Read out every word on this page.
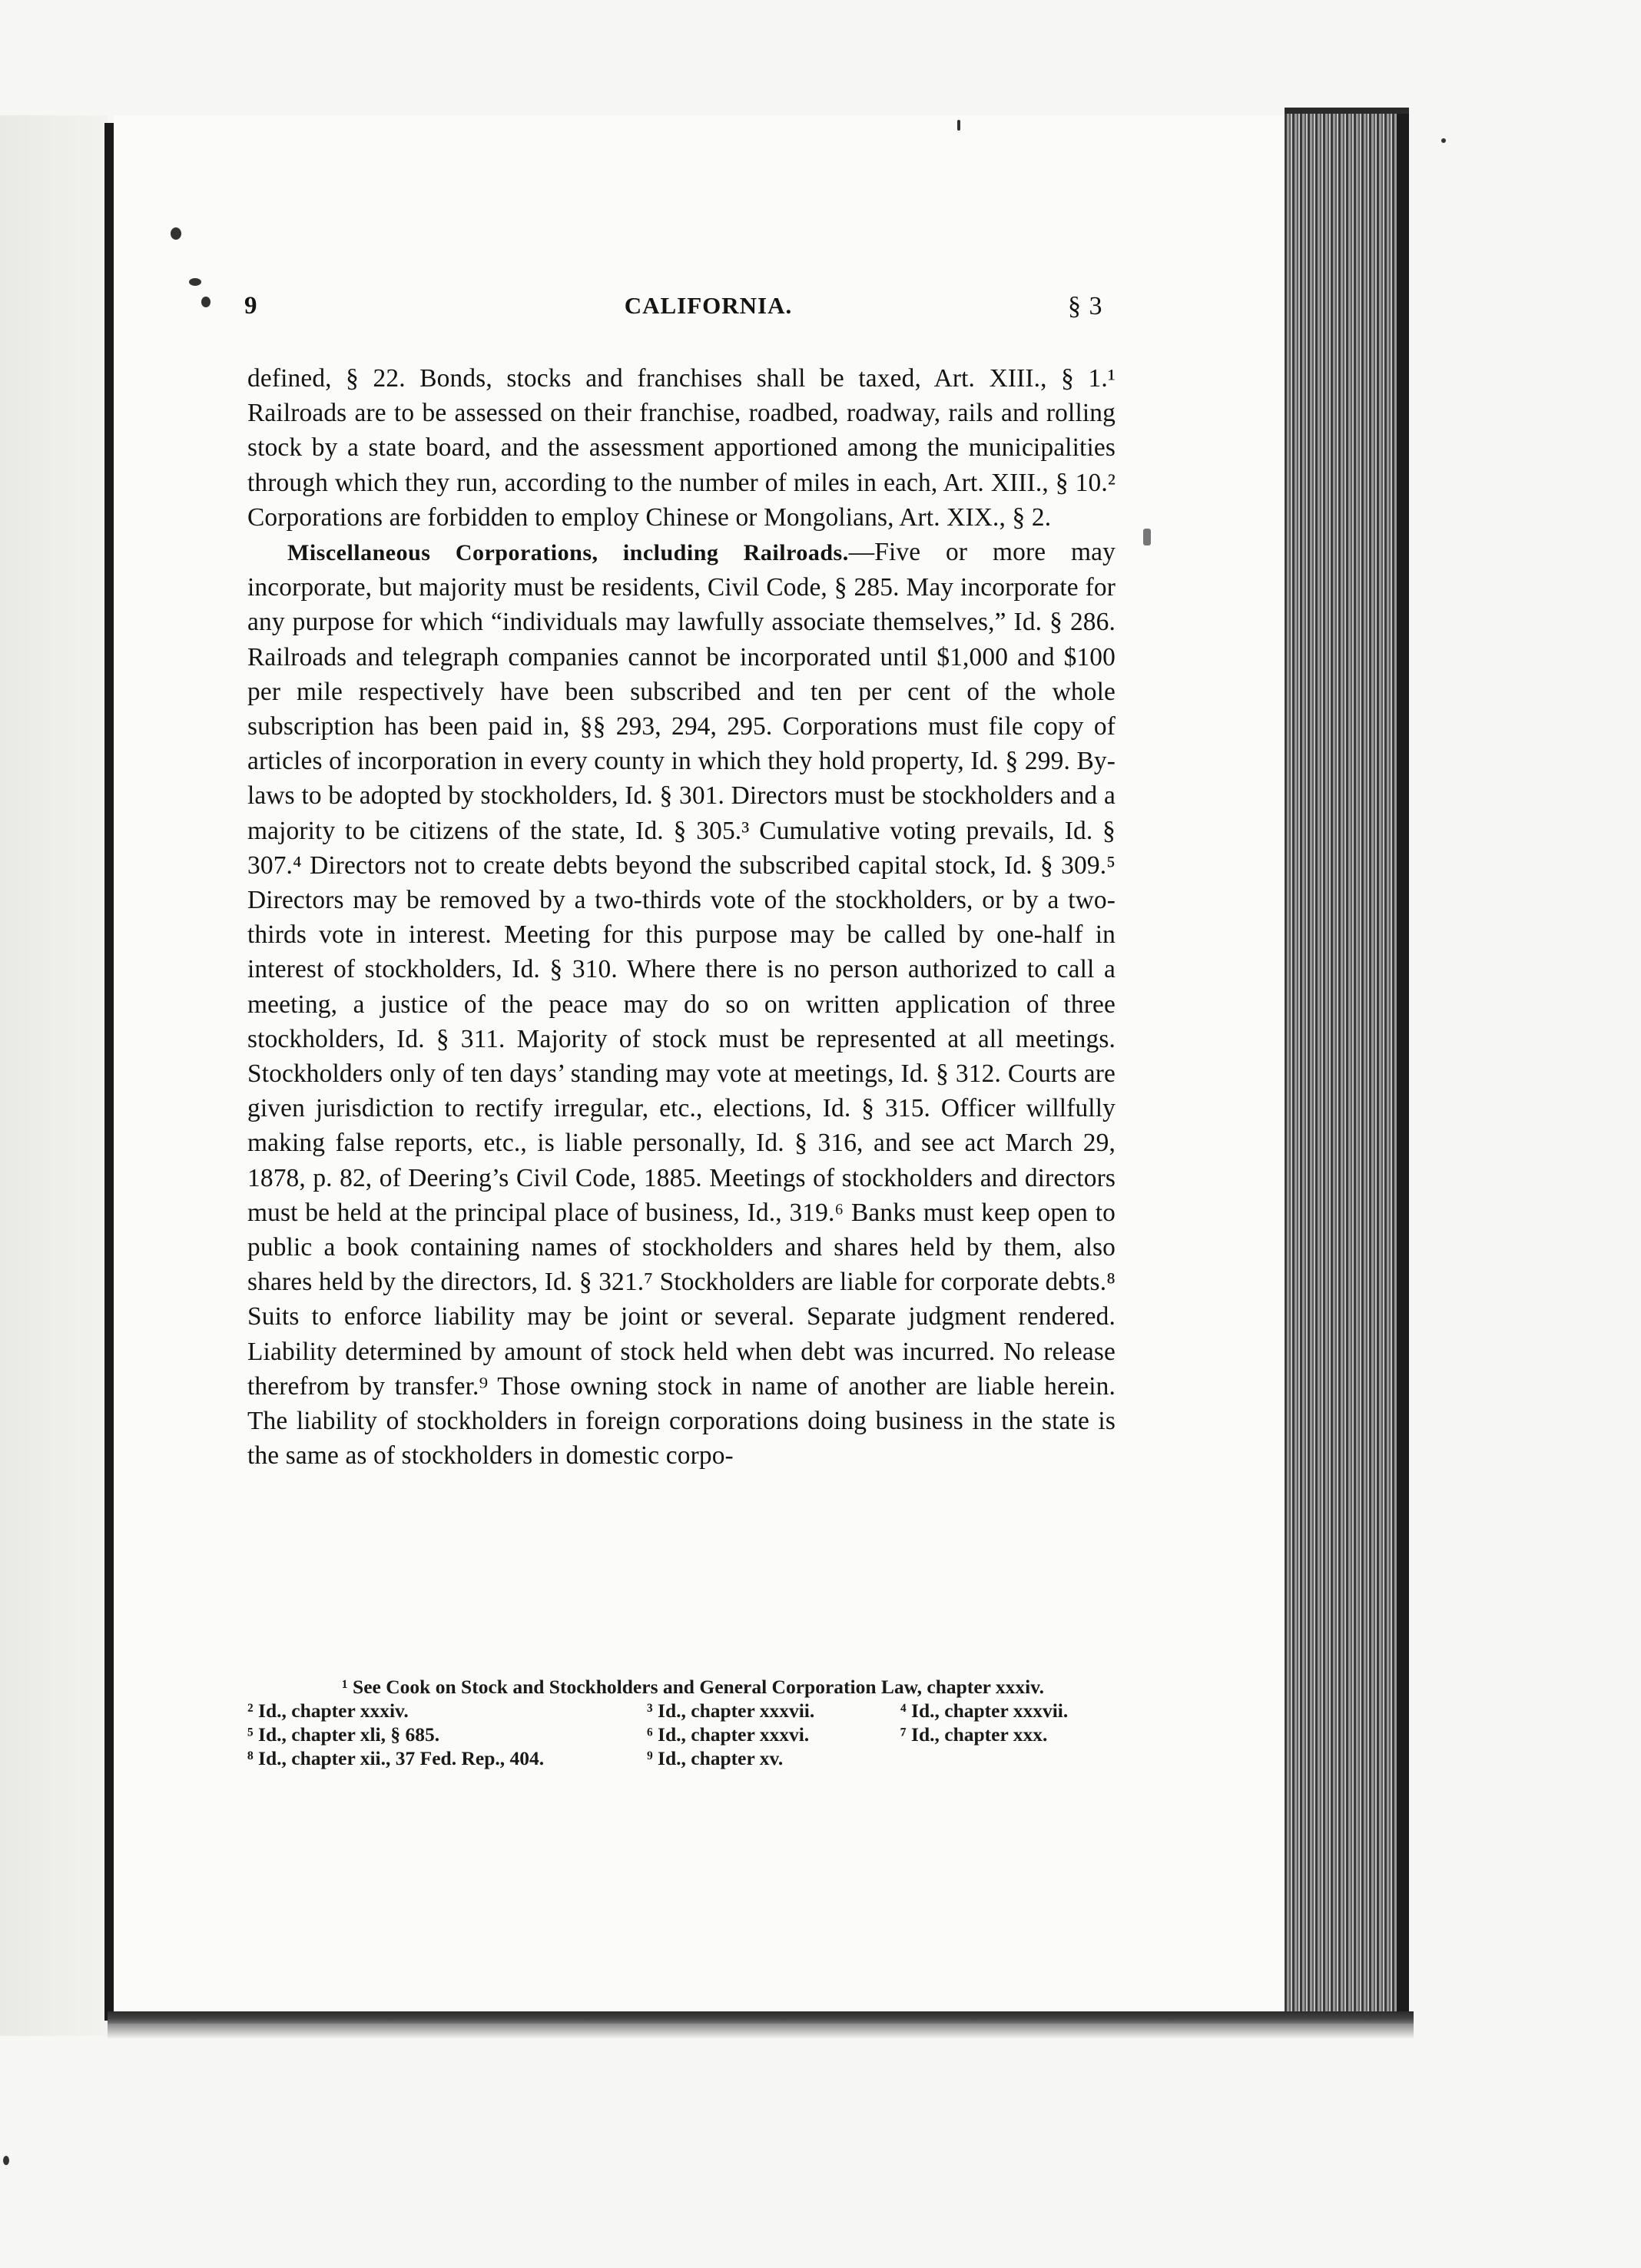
9	CALIFORNIA.	§ 3

defined, § 22. Bonds, stocks and franchises shall be taxed, Art. XIII., § 1.¹ Railroads are to be assessed on their franchise, roadbed, roadway, rails and rolling stock by a state board, and the assessment apportioned among the municipalities through which they run, according to the number of miles in each, Art. XIII., § 10.² Corporations are forbidden to employ Chinese or Mongolians, Art. XIX., § 2.

Miscellaneous Corporations, including Railroads.—Five or more may incorporate, but majority must be residents, Civil Code, § 285. May incorporate for any purpose for which “individuals may lawfully associate themselves,” Id. § 286. Railroads and telegraph companies cannot be incorporated until $1,000 and $100 per mile respectively have been subscribed and ten per cent of the whole subscription has been paid in, §§ 293, 294, 295. Corporations must file copy of articles of incorporation in every county in which they hold property, Id. § 299. By-laws to be adopted by stockholders, Id. § 301. Directors must be stockholders and a majority to be citizens of the state, Id. § 305.³ Cumulative voting prevails, Id. § 307.⁴ Directors not to create debts beyond the subscribed capital stock, Id. § 309.⁵ Directors may be removed by a two-thirds vote of the stockholders, or by a two-thirds vote in interest. Meeting for this purpose may be called by one-half in interest of stockholders, Id. § 310. Where there is no person authorized to call a meeting, a justice of the peace may do so on written application of three stockholders, Id. § 311. Majority of stock must be represented at all meetings. Stockholders only of ten days’ standing may vote at meetings, Id. § 312. Courts are given jurisdiction to rectify irregular, etc., elections, Id. § 315. Officer willfully making false reports, etc., is liable personally, Id. § 316, and see act March 29, 1878, p. 82, of Deering’s Civil Code, 1885. Meetings of stockholders and directors must be held at the principal place of business, Id., 319.⁶ Banks must keep open to public a book containing names of stockholders and shares held by them, also shares held by the directors, Id. § 321.⁷ Stockholders are liable for corporate debts.⁸ Suits to enforce liability may be joint or several. Separate judgment rendered. Liability determined by amount of stock held when debt was incurred. No release therefrom by transfer.⁹ Those owning stock in name of another are liable herein. The liability of stockholders in foreign corporations doing business in the state is the same as of stockholders in domestic corpo-

¹ See Cook on Stock and Stockholders and General Corporation Law, chapter xxxiv.
² Id., chapter xxxiv.	³ Id., chapter xxxvii.	⁴ Id., chapter xxxvii.
⁵ Id., chapter xli, § 685.	⁶ Id., chapter xxxvi.	⁷ Id., chapter xxx.
⁸ Id., chapter xii., 37 Fed. Rep., 404.	⁹ Id., chapter xv.
